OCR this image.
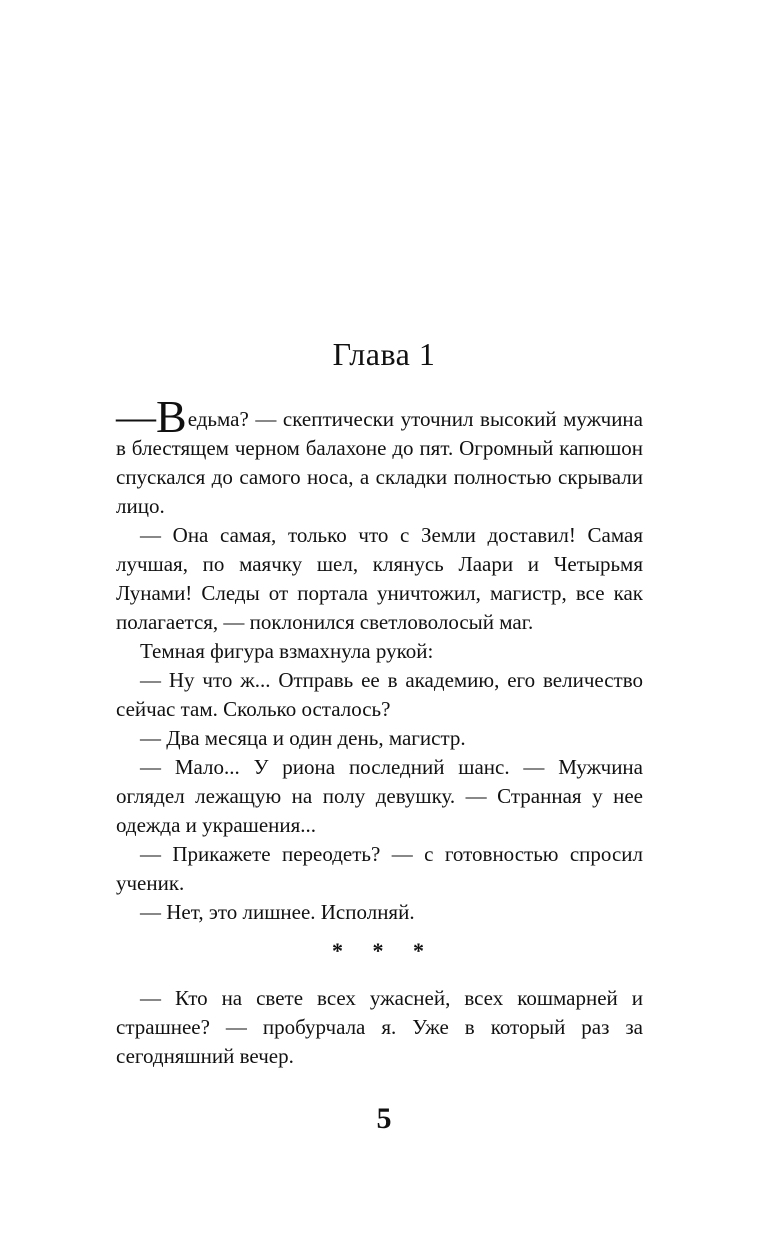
Глава 1

—Ведьма? — скептически уточнил высокий мужчина в блестящем черном балахоне до пят. Огромный капюшон спускался до самого носа, а складки полностью скрывали лицо.

— Она самая, только что с Земли доставил! Самая лучшая, по маячку шел, клянусь Лаари и Четырьмя Лунами! Следы от портала уничтожил, магистр, все как полагается, — поклонился светловолосый маг.

Темная фигура взмахнула рукой:

— Ну что ж... Отправь ее в академию, его величество сейчас там. Сколько осталось?

— Два месяца и один день, магистр.

— Мало... У риона последний шанс. — Мужчина оглядел лежащую на полу девушку. — Странная у нее одежда и украшения...

— Прикажете переодеть? — с готовностью спросил ученик.

— Нет, это лишнее. Исполняй.

* * *

— Кто на свете всех ужасней, всех кошмарней и страшнее? — пробурчала я. Уже в который раз за сегодняшний вечер.

5
